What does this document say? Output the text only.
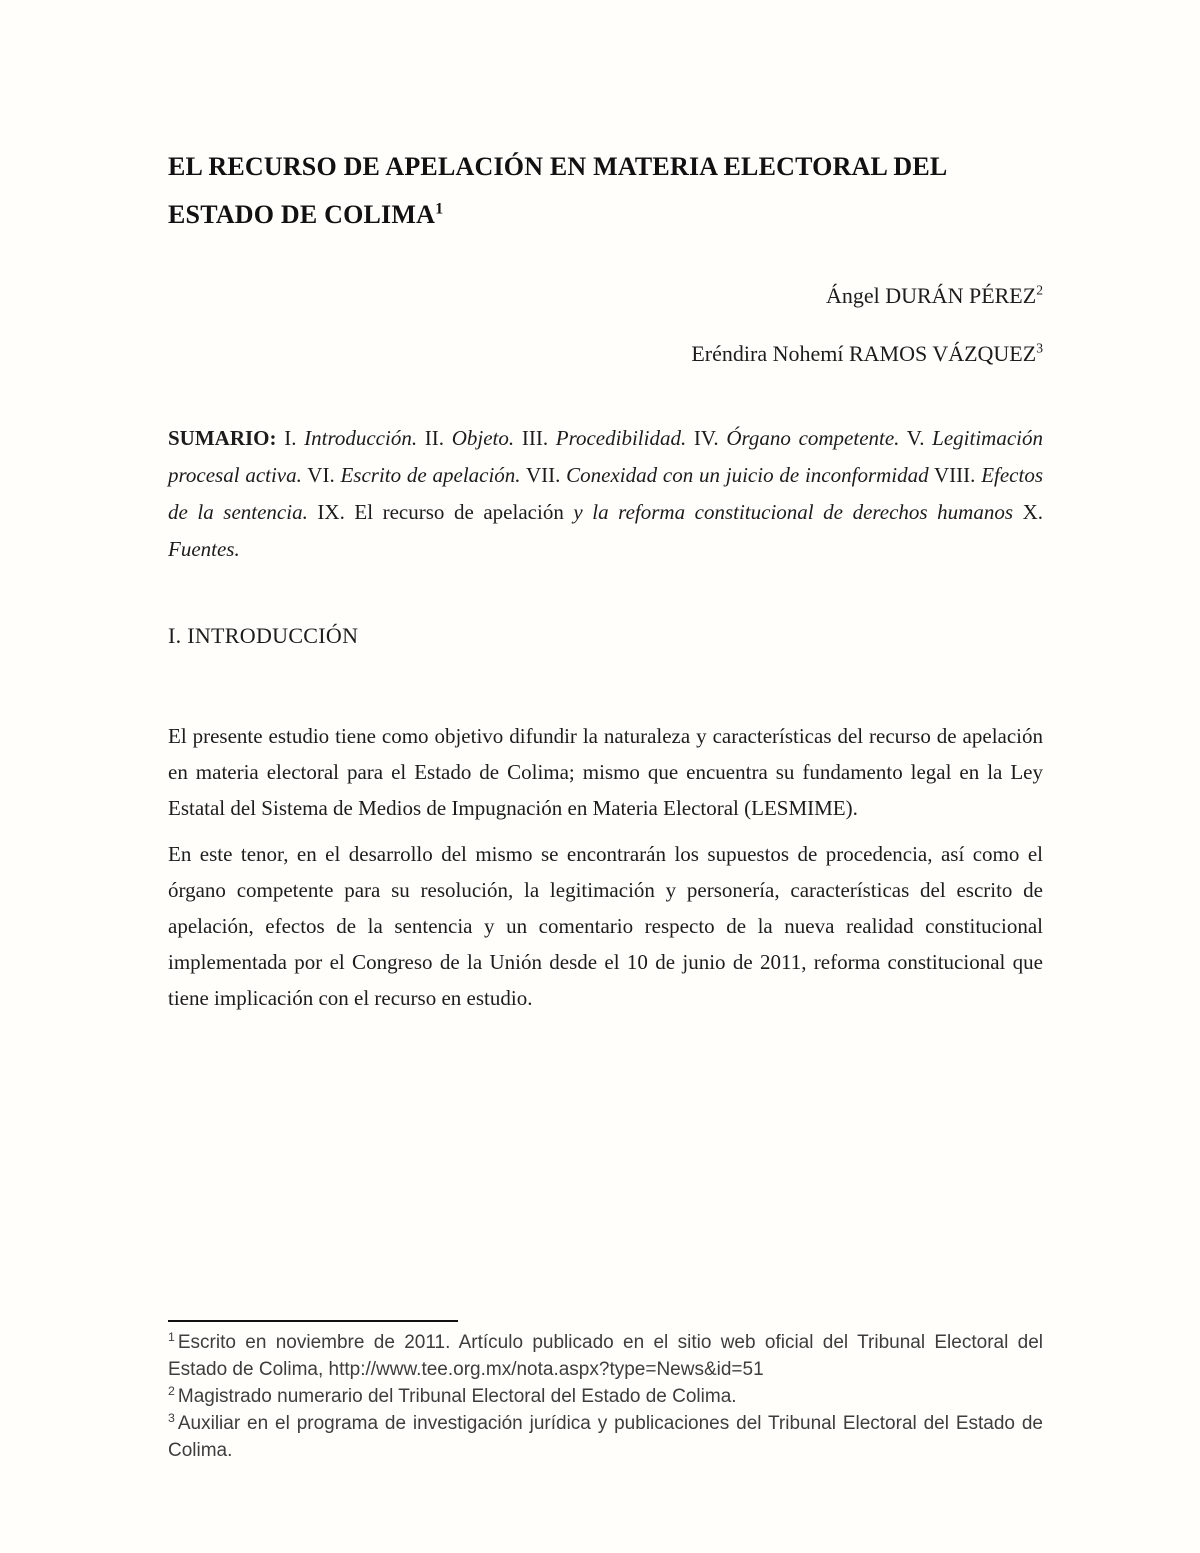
EL RECURSO DE APELACIÓN EN MATERIA ELECTORAL DEL ESTADO DE COLIMA$^1$
Ángel DURÁN PÉREZ$^2$
Eréndira Nohemí RAMOS VÁZQUEZ$^3$

SUMARIO: I. Introducción. II. Objeto. III. Procedibilidad. IV. Órgano competente. V. Legitimación procesal activa. VI. Escrito de apelación. VII. Conexidad con un juicio de inconformidad VIII. Efectos de la sentencia. IX. El recurso de apelación y la reforma constitucional de derechos humanos X. Fuentes.

I. INTRODUCCIÓN

El presente estudio tiene como objetivo difundir la naturaleza y características del recurso de apelación en materia electoral para el Estado de Colima; mismo que encuentra su fundamento legal en la Ley Estatal del Sistema de Medios de Impugnación en Materia Electoral (LESMIME).

En este tenor, en el desarrollo del mismo se encontrarán los supuestos de procedencia, así como el órgano competente para su resolución, la legitimación y personería, características del escrito de apelación, efectos de la sentencia y un comentario respecto de la nueva realidad constitucional implementada por el Congreso de la Unión desde el 10 de junio de 2011, reforma constitucional que tiene implicación con el recurso en estudio.

$^1$ Escrito en noviembre de 2011. Artículo publicado en el sitio web oficial del Tribunal Electoral del Estado de Colima, http://www.tee.org.mx/nota.aspx?type=News&id=51

$^2$ Magistrado numerario del Tribunal Electoral del Estado de Colima.

$^3$ Auxiliar en el programa de investigación jurídica y publicaciones del Tribunal Electoral del Estado de Colima.
